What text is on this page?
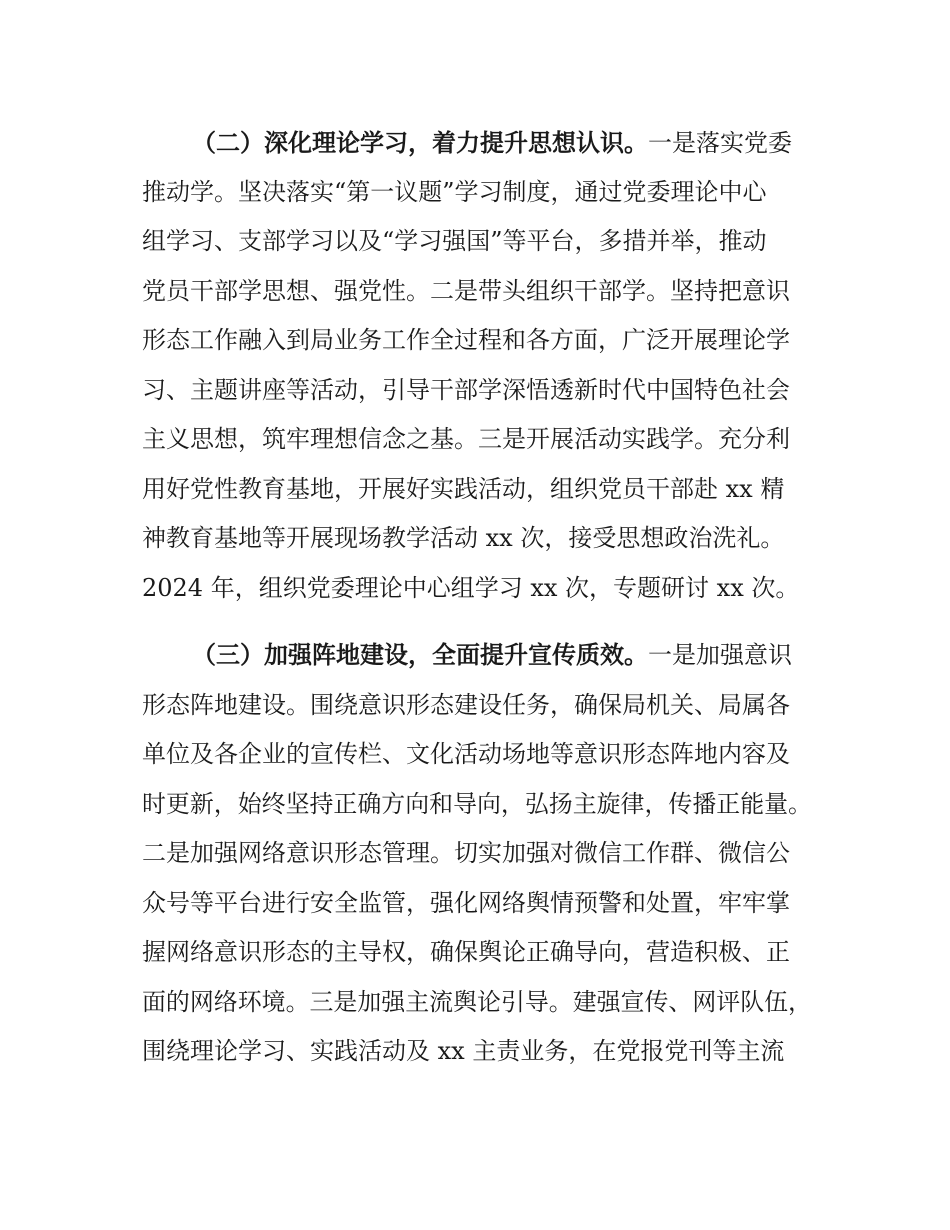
（二）深化理论学习，着力提升思想认识。一是落实党委
推动学。坚决落实“第一议题”学习制度，通过党委理论中心
组学习、支部学习以及“学习强国”等平台，多措并举，推动
党员干部学思想、强党性。二是带头组织干部学。坚持把意识
形态工作融入到局业务工作全过程和各方面，广泛开展理论学
习、主题讲座等活动，引导干部学深悟透新时代中国特色社会
主义思想，筑牢理想信念之基。三是开展活动实践学。充分利
用好党性教育基地，开展好实践活动，组织党员干部赴 xx 精
神教育基地等开展现场教学活动 xx 次，接受思想政治洗礼。
2024 年，组织党委理论中心组学习 xx 次，专题研讨 xx 次。
（三）加强阵地建设，全面提升宣传质效。一是加强意识
形态阵地建设。围绕意识形态建设任务，确保局机关、局属各
单位及各企业的宣传栏、文化活动场地等意识形态阵地内容及
时更新，始终坚持正确方向和导向，弘扬主旋律，传播正能量。
二是加强网络意识形态管理。切实加强对微信工作群、微信公
众号等平台进行安全监管，强化网络舆情预警和处置，牢牢掌
握网络意识形态的主导权，确保舆论正确导向，营造积极、正
面的网络环境。三是加强主流舆论引导。建强宣传、网评队伍，
围绕理论学习、实践活动及 xx 主责业务，在党报党刊等主流
